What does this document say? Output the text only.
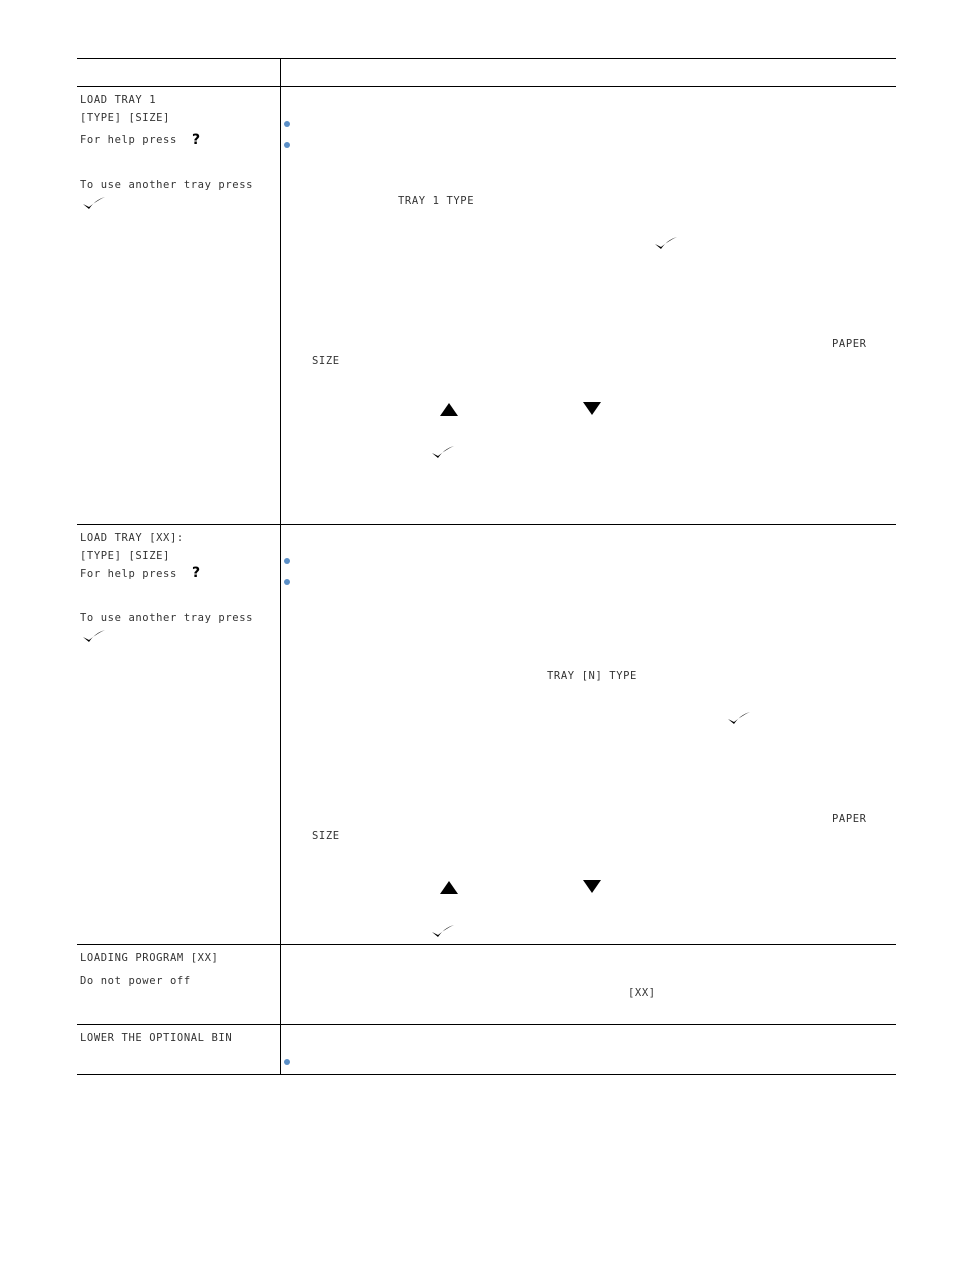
LOAD TRAY 1
[TYPE] [SIZE]
For help press ?
To use another tray press
TRAY 1 TYPE
PAPER
SIZE
LOAD TRAY [XX]:
[TYPE] [SIZE]
For help press ?
To use another tray press
TRAY [N] TYPE
PAPER
SIZE
LOADING PROGRAM [XX]
Do not power off
[XX]
LOWER THE OPTIONAL BIN
